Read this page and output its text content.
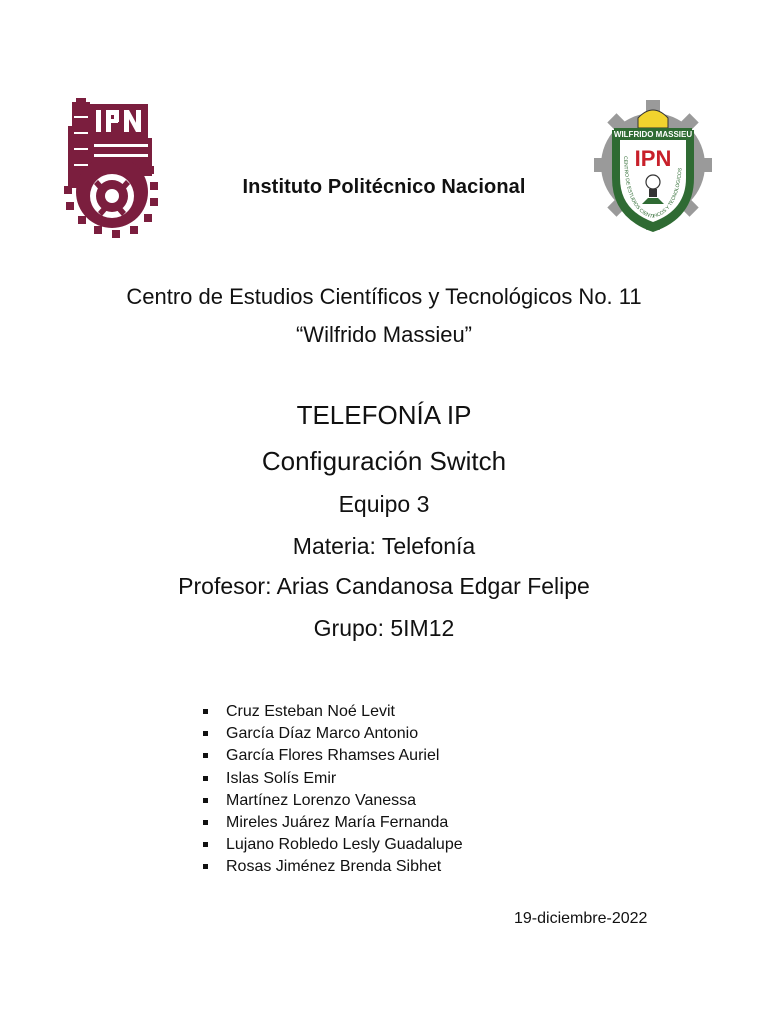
WILFRIDO MASSIEU
IPN
CENTRO DE ESTUDIOS CIENTIFICOS Y TECNOLOGICOS
Instituto Politécnico Nacional
Centro de Estudios Científicos y Tecnológicos No. 11
“Wilfrido Massieu”
TELEFONÍA IP
Configuración Switch
Equipo 3
Materia: Telefonía
Profesor: Arias Candanosa Edgar Felipe
Grupo: 5IM12
Cruz Esteban Noé Levit
García Díaz Marco Antonio
García Flores Rhamses Auriel
Islas Solís Emir
Martínez Lorenzo Vanessa
Mireles Juárez María Fernanda
Lujano Robledo Lesly Guadalupe
Rosas Jiménez Brenda Sibhet
19-diciembre-2022
